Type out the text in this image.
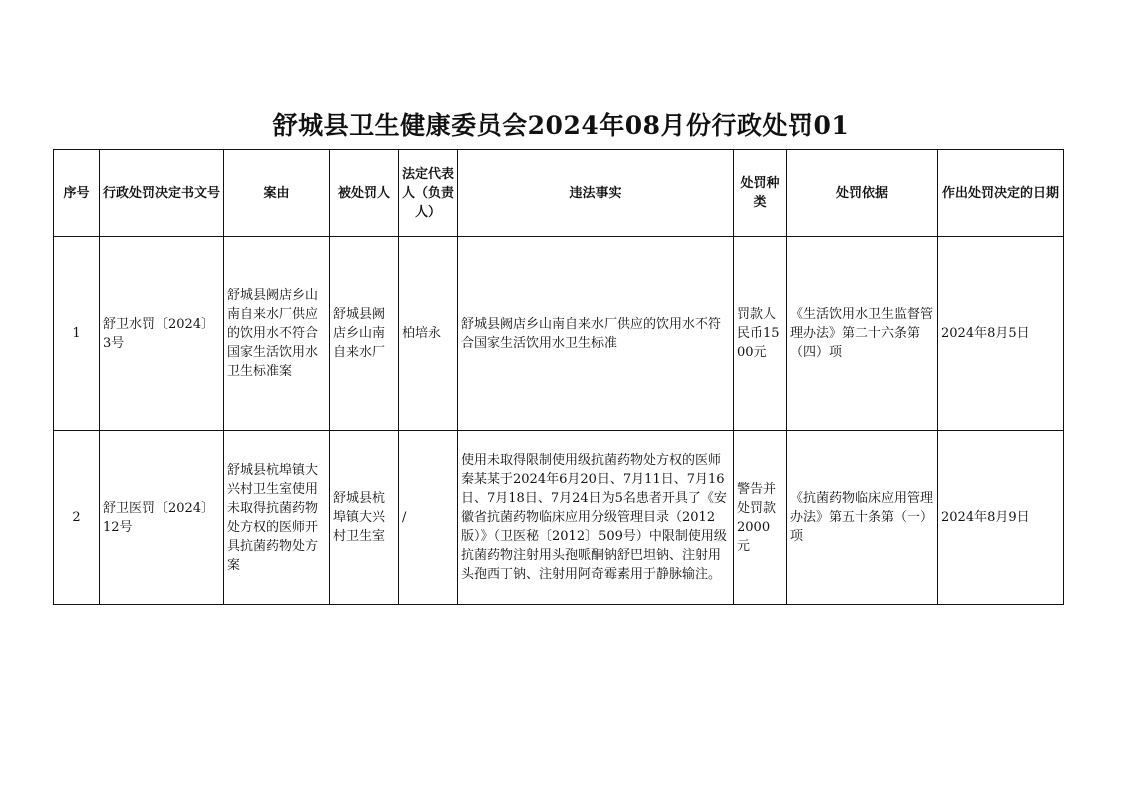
舒城县卫生健康委员会2024年08月份行政处罚01
序号	行政处罚决定书文号	案由	被处罚人	法定代表人（负责人）	违法事实	处罚种类	处罚依据	作出处罚决定的日期
1	舒卫水罚〔2024〕3号	舒城县阙店乡山南自来水厂供应的饮用水不符合国家生活饮用水卫生标准案	舒城县阙店乡山南自来水厂	柏培永	舒城县阙店乡山南自来水厂供应的饮用水不符合国家生活饮用水卫生标准	罚款人民币1500元	《生活饮用水卫生监督管理办法》第二十六条第（四）项	2024年8月5日
2	舒卫医罚〔2024〕12号	舒城县杭埠镇大兴村卫生室使用未取得抗菌药物处方权的医师开具抗菌药物处方案	舒城县杭埠镇大兴村卫生室	/	使用未取得限制使用级抗菌药物处方权的医师秦某某于2024年6月20日、7月11日、7月16日、7月18日、7月24日为5名患者开具了《安徽省抗菌药物临床应用分级管理目录（2012版）》（卫医秘〔2012〕509号）中限制使用级抗菌药物注射用头孢哌酮钠舒巴坦钠、注射用头孢西丁钠、注射用阿奇霉素用于静脉输注。	警告并处罚款2000元	《抗菌药物临床应用管理办法》第五十条第（一）项	2024年8月9日
